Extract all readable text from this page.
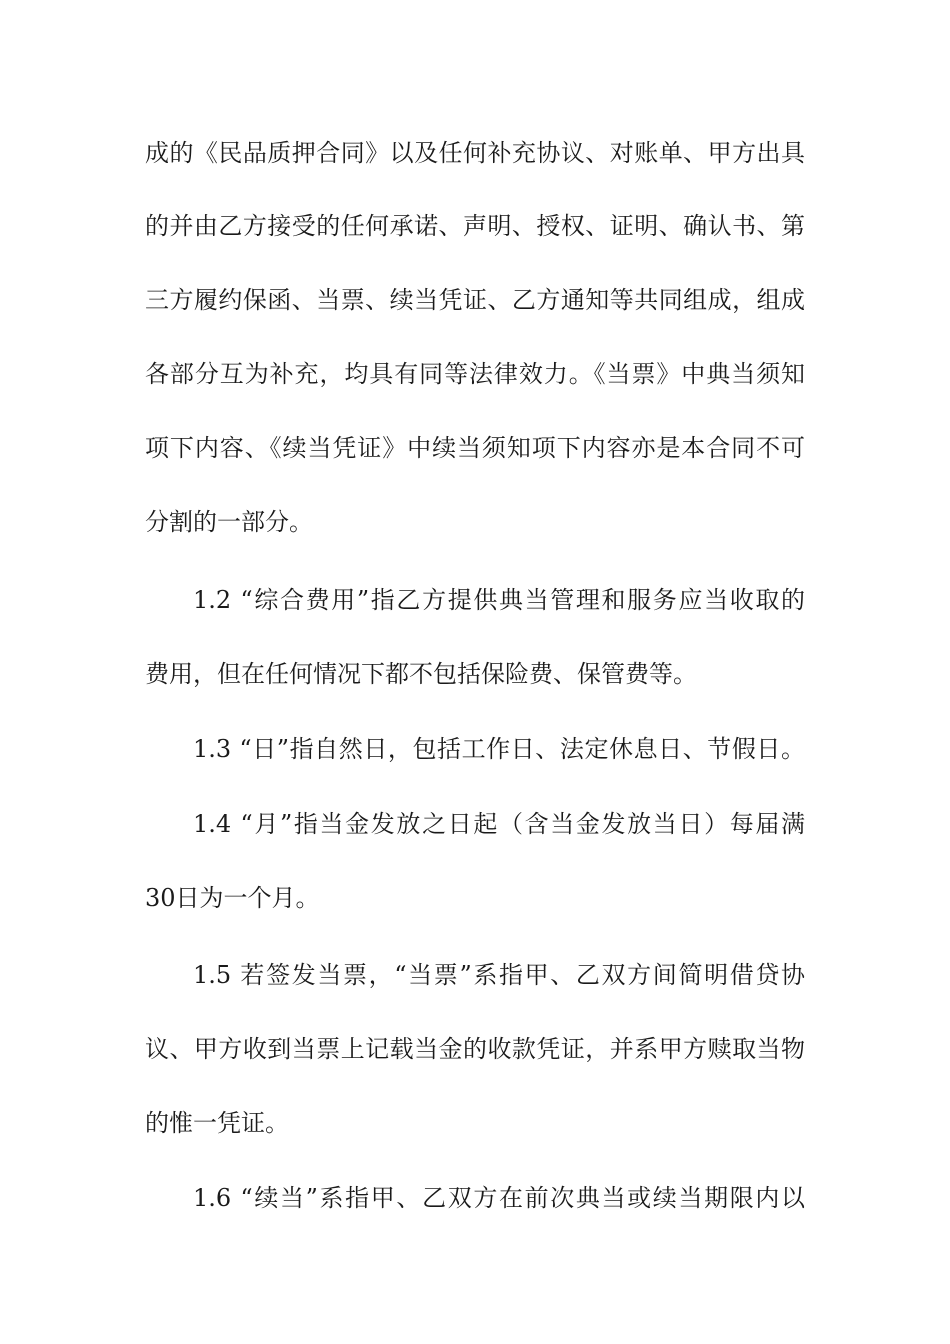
成的《民品质押合同》以及任何补充协议、对账单、甲方出具
的并由乙方接受的任何承诺、声明、授权、证明、确认书、第
三方履约保函、当票、续当凭证、乙方通知等共同组成，组成
各部分互为补充，均具有同等法律效力。《当票》中典当须知
项下内容、《续当凭证》中续当须知项下内容亦是本合同不可
分割的一部分。
1.2 “综合费用”指乙方提供典当管理和服务应当收取的
费用，但在任何情况下都不包括保险费、保管费等。
1.3 “日”指自然日，包括工作日、法定休息日、节假日。
1.4 “月”指当金发放之日起（含当金发放当日）每届满
30日为一个月。
1.5 若签发当票，“当票”系指甲、乙双方间简明借贷协
议、甲方收到当票上记载当金的收款凭证，并系甲方赎取当物
的惟一凭证。
1.6 “续当”系指甲、乙双方在前次典当或续当期限内以
